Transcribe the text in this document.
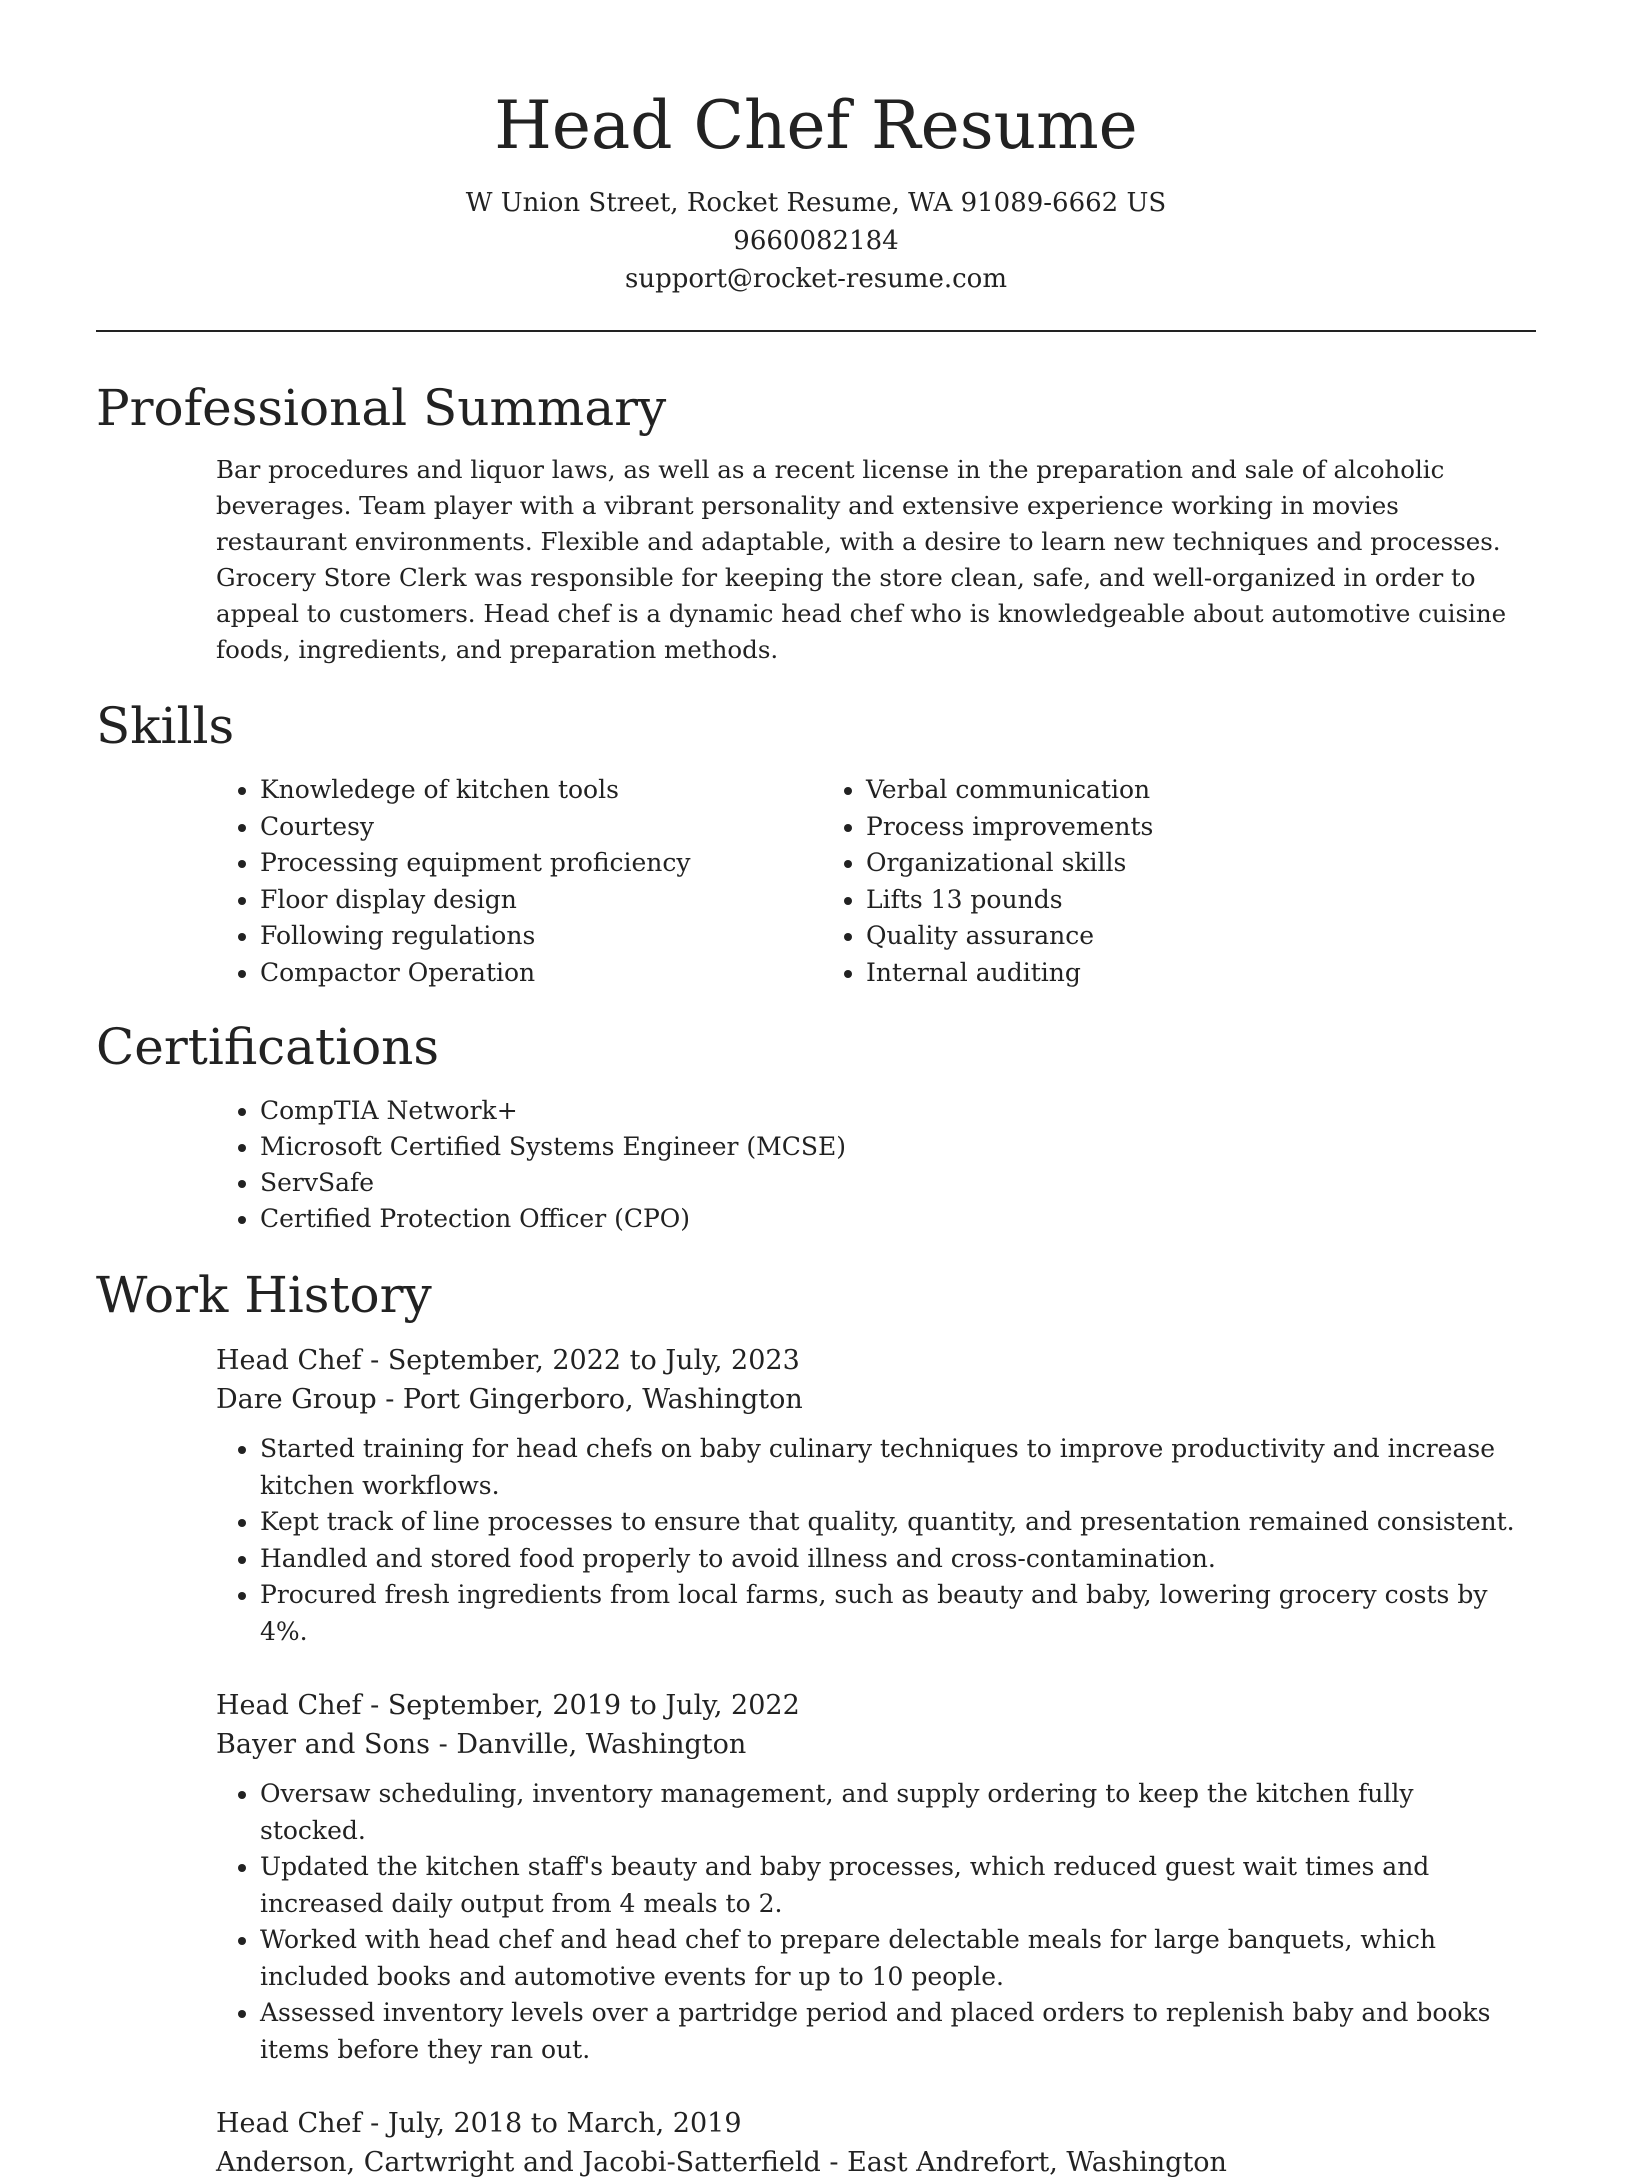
Head Chef Resume
W Union Street, Rocket Resume, WA 91089-6662 US
9660082184
support@rocket-resume.com
Professional Summary

Bar procedures and liquor laws, as well as a recent license in the preparation and sale of alcoholic beverages. Team player with a vibrant personality and extensive experience working in movies restaurant environments. Flexible and adaptable, with a desire to learn new techniques and processes. Grocery Store Clerk was responsible for keeping the store clean, safe, and well-organized in order to appeal to customers. Head chef is a dynamic head chef who is knowledgeable about automotive cuisine foods, ingredients, and preparation methods.

Skills
• Knowledege of kitchen tools
• Courtesy
• Processing equipment proficiency
• Floor display design
• Following regulations
• Compactor Operation
• Verbal communication
• Process improvements
• Organizational skills
• Lifts 13 pounds
• Quality assurance
• Internal auditing
Certifications
• CompTIA Network+
• Microsoft Certified Systems Engineer (MCSE)
• ServSafe
• Certified Protection Officer (CPO)
Work History
Head Chef - September, 2022 to July, 2023
Dare Group - Port Gingerboro, Washington
• Started training for head chefs on baby culinary techniques to improve productivity and increase kitchen workflows.
• Kept track of line processes to ensure that quality, quantity, and presentation remained consistent.
• Handled and stored food properly to avoid illness and cross-contamination.
• Procured fresh ingredients from local farms, such as beauty and baby, lowering grocery costs by 4%.
Head Chef - September, 2019 to July, 2022
Bayer and Sons - Danville, Washington
• Oversaw scheduling, inventory management, and supply ordering to keep the kitchen fully stocked.
• Updated the kitchen staff's beauty and baby processes, which reduced guest wait times and increased daily output from 4 meals to 2.
• Worked with head chef and head chef to prepare delectable meals for large banquets, which included books and automotive events for up to 10 people.
• Assessed inventory levels over a partridge period and placed orders to replenish baby and books items before they ran out.
Head Chef - July, 2018 to March, 2019
Anderson, Cartwright and Jacobi-Satterfield - East Andrefort, Washington
